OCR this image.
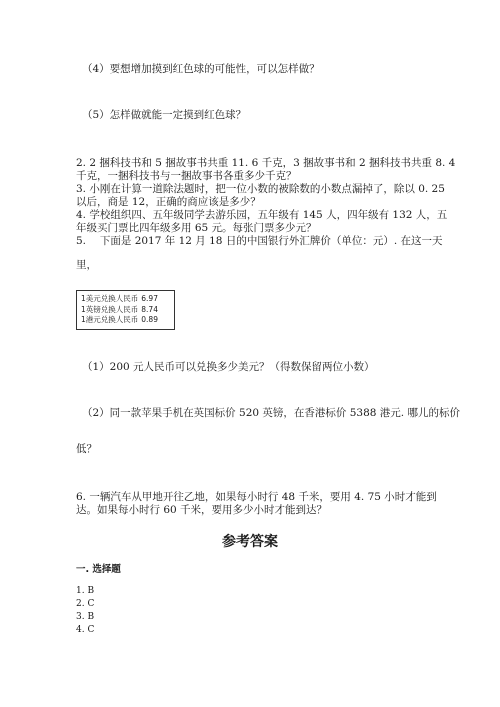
（4）要想增加摸到红色球的可能性，可以怎样做？
（5）怎样做就能一定摸到红色球？
2. 2 捆科技书和 5 捆故事书共重 11. 6 千克，3 捆故事书和 2 捆科技书共重 8. 4
千克，一捆科技书与一捆故事书各重多少千克？
3. 小刚在计算一道除法题时，把一位小数的被除数的小数点漏掉了，除以 0. 25
以后，商是 12，正确的商应该是多少？
4. 学校组织四、五年级同学去游乐园，五年级有 145 人，四年级有 132 人，五
年级买门票比四年级多用 65 元。每张门票多少元？
5.　 下面是 2017 年 12 月 18 日的中国银行外汇牌价（单位：元）. 在这一天
里，
1美元兑换人民币 6.97
1英镑兑换人民币 8.74
1港元兑换人民币 0.89
（1）200 元人民币可以兑换多少美元？（得数保留两位小数）
（2）同一款苹果手机在英国标价 520 英镑，在香港标价 5388 港元. 哪儿的标价
低？
6. 一辆汽车从甲地开往乙地，如果每小时行 48 千米，要用 4. 75 小时才能到
达。如果每小时行 60 千米，要用多少小时才能到达？
参考答案
一. 选择题
1. B
2. C
3. B
4. C
